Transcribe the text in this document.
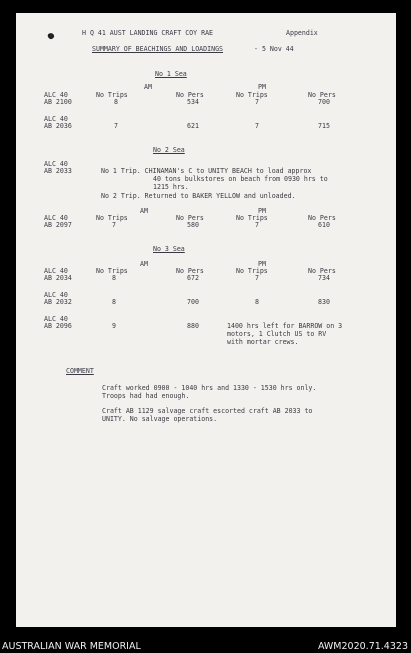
H Q 41 AUST LANDING CRAFT COY RAE	Appendix
SUMMARY OF BEACHINGS AND LOADINGS	- 5 Nov 44
No 1 Sea
AM	PM
ALC 40	No Trips	No Pers	No Trips	No Pers
AB 2100	8	534	7	700
ALC 40
AB 2036	7	621	7	715
No 2 Sea
ALC 40
AB 2033	No 1 Trip. CHINAMAN's C to UNITY BEACH to load approx
40 tons bulkstores on beach from 0930 hrs to
1215 hrs.
No 2 Trip. Returned to BAKER YELLOW and unloaded.
AM	PM
ALC 40	No Trips	No Pers	No Trips	No Pers
AB 2097	7	580	7	610
No 3 Sea
AM	PM
ALC 40	No Trips	No Pers	No Trips	No Pers
AB 2034	8	672	7	734
ALC 40
AB 2032	8	700	8	830
ALC 40
AB 2096	9	880	1400 hrs left for BARROW on 3
motors, 1 Clutch US to RV
with mortar crews.
COMMENT
Craft worked 0900 - 1040 hrs and 1330 - 1530 hrs only.
Troops had had enough.
Craft AB 1129 salvage craft escorted craft AB 2033 to
UNITY. No salvage operations.
AUSTRALIAN WAR MEMORIAL	AWM2020.71.4323
